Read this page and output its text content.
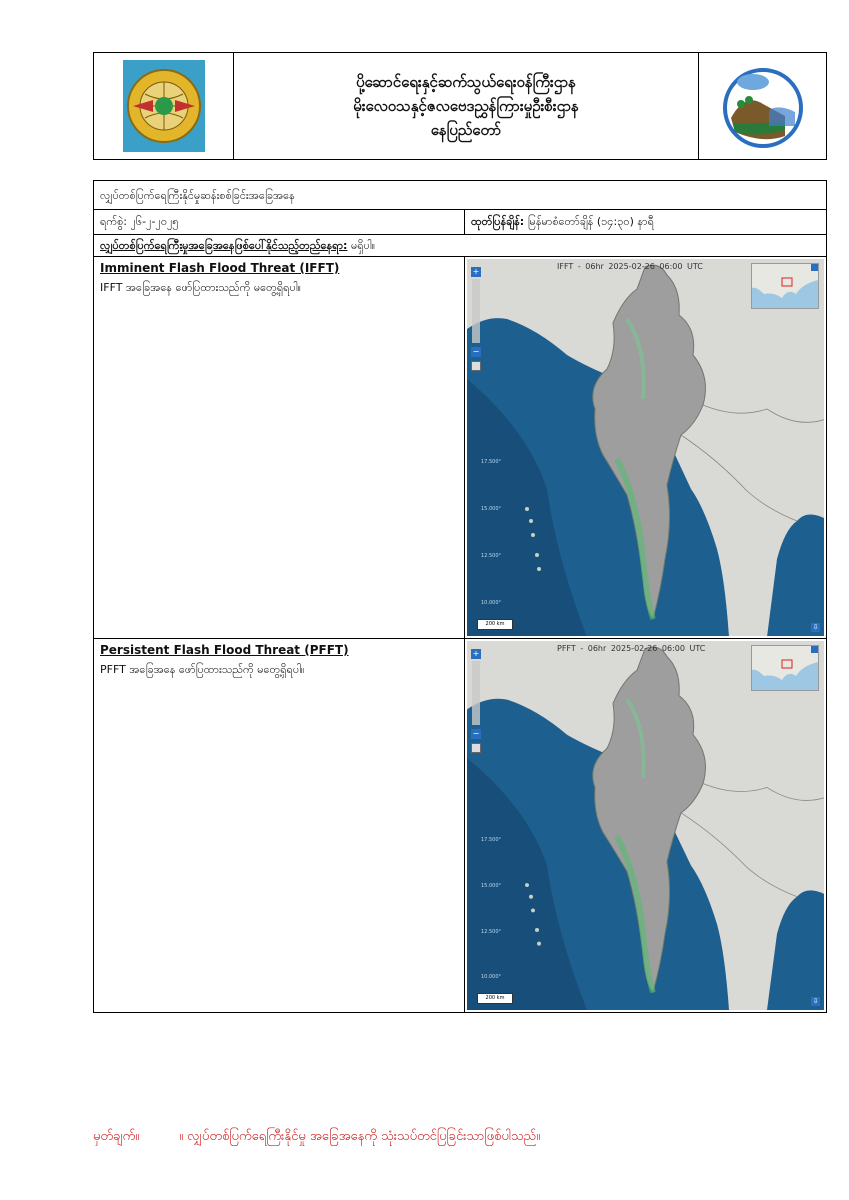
ပို့ဆောင်ရေးနှင့်ဆက်သွယ်ရေးဝန်ကြီးဌာန
မိုးလေဝသနှင့်ဇလဗေဒညွှန်ကြားမှုဦးစီးဌာန
နေပြည်တော်
လျှပ်တစ်ပြက်ရေကြီးနိုင်မှုဆန်းစစ်ခြင်းအခြေအနေ
ရက်စွဲ: ၂၆-၂-၂၀၂၅	ထုတ်ပြန်ချိန်: မြန်မာစံတော်ချိန် (၁၄:၃၀) နာရီ
လျှပ်တစ်ပြက်ရေကြီးမှုအခြေအနေဖြစ်ပေါ်နိုင်သည့်တည်နေရာ: မရှိပါ။
Imminent Flash Flood Threat (IFFT)
IFFT အခြေအနေ ဖော်ပြထားသည်ကို မတွေ့ရှိရပါ။
IFFT - 06hr 2025-02-26 06:00 UTC
+
−
17.500°
15.000°
12.500°
10.000°
200 km	⇩
Persistent Flash Flood Threat (PFFT)
PFFT အခြေအနေ ဖော်ပြထားသည်ကို မတွေ့ရှိရပါ။
PFFT - 06hr 2025-02-26 06:00 UTC
+
−
17.500°
15.000°
12.500°
10.000°
200 km	⇩
မှတ်ချက်။	။ လျှပ်တစ်ပြက်ရေကြီးနိုင်မှု အခြေအနေကို သုံးသပ်တင်ပြခြင်းသာဖြစ်ပါသည်။
